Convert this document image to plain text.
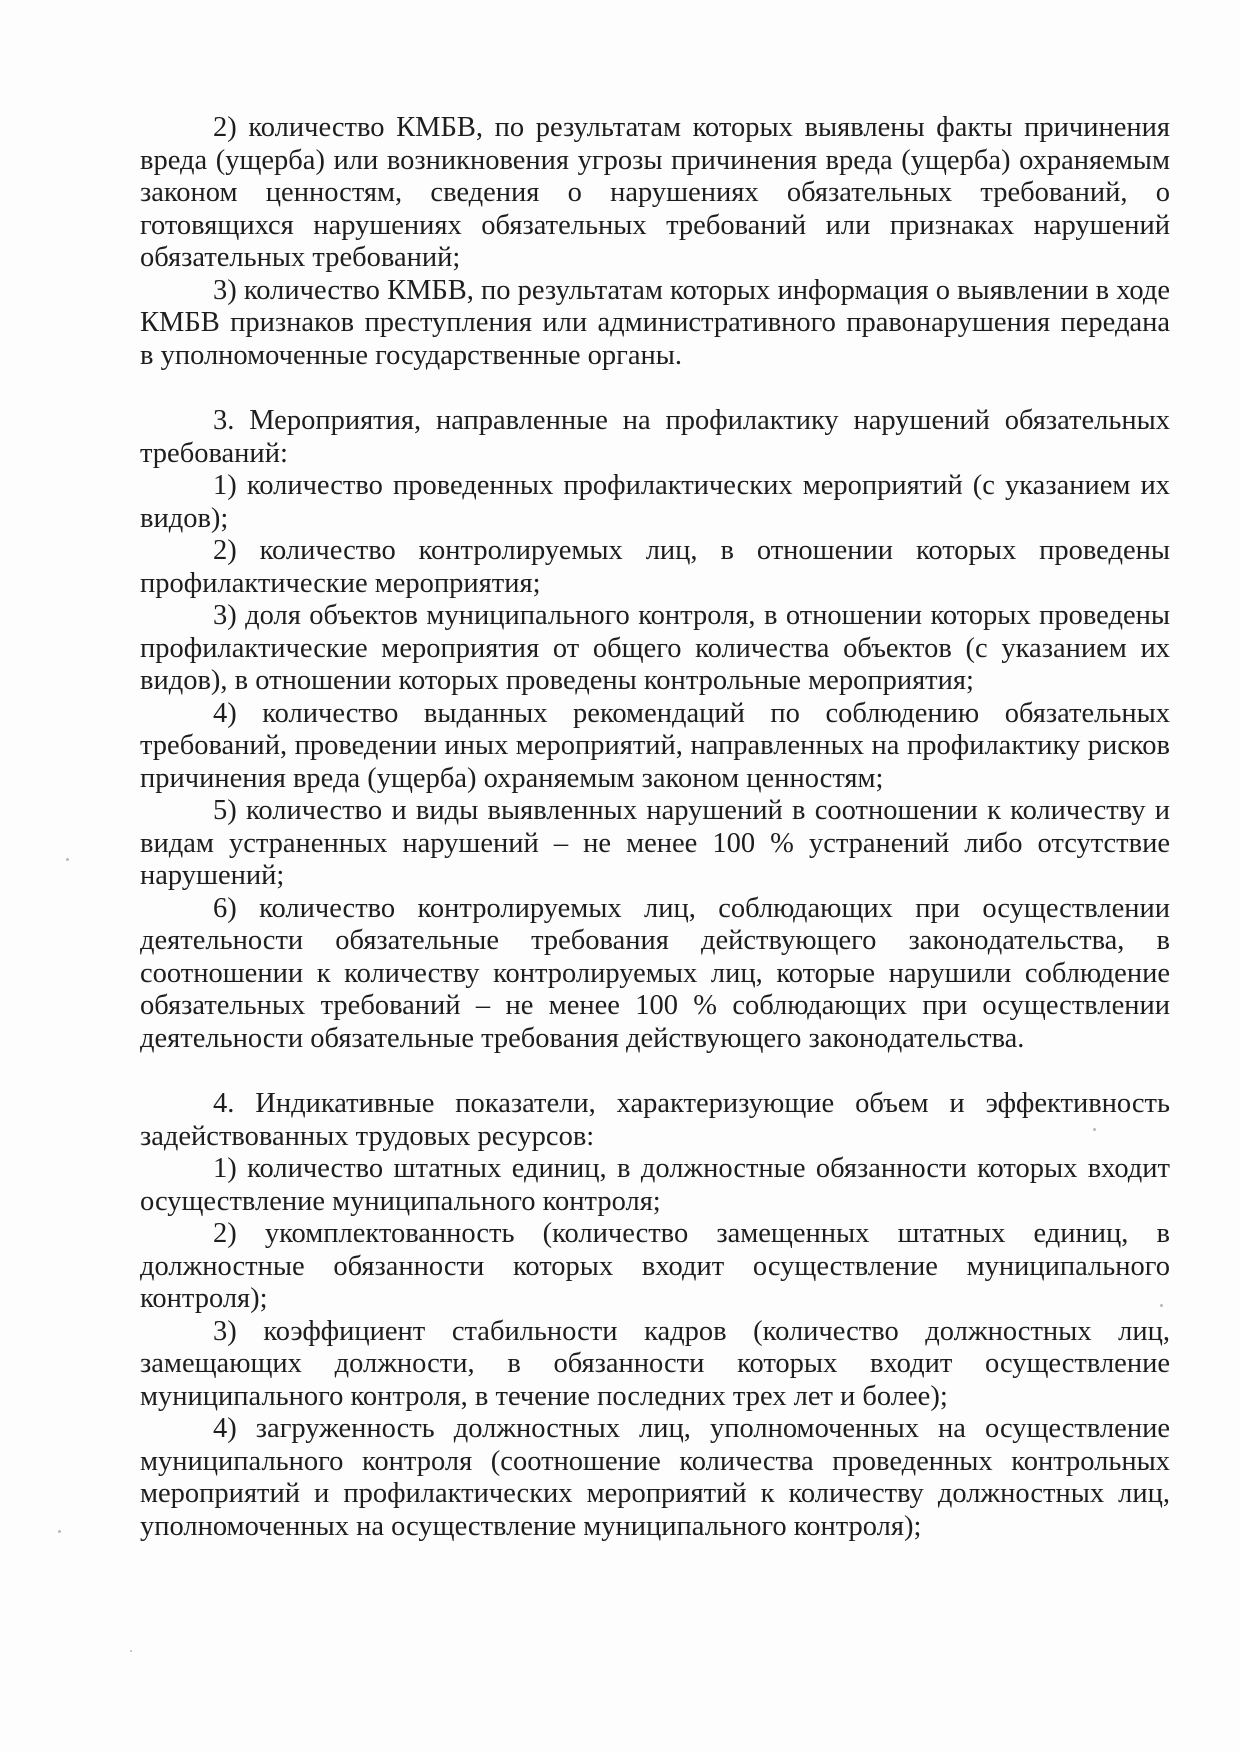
2) количество КМБВ, по результатам которых выявлены факты причинения вреда (ущерба) или возникновения угрозы причинения вреда (ущерба) охраняемым законом ценностям, сведения о нарушениях обязательных требований, о готовящихся нарушениях обязательных требований или признаках нарушений обязательных требований;

3) количество КМБВ, по результатам которых информация о выявлении в ходе КМБВ признаков преступления или административного правонарушения передана в уполномоченные государственные органы.

3. Мероприятия, направленные на профилактику нарушений обязательных требований:

1) количество проведенных профилактических мероприятий (с указанием их видов);

2) количество контролируемых лиц, в отношении которых проведены профилактические мероприятия;

3) доля объектов муниципального контроля, в отношении которых проведены профилактические мероприятия от общего количества объектов (с указанием их видов), в отношении которых проведены контрольные мероприятия;

4) количество выданных рекомендаций по соблюдению обязательных требований, проведении иных мероприятий, направленных на профилактику рисков причинения вреда (ущерба) охраняемым законом ценностям;

5) количество и виды выявленных нарушений в соотношении к количеству и видам устраненных нарушений – не менее 100 % устранений либо отсутствие нарушений;

6) количество контролируемых лиц, соблюдающих при осуществлении деятельности обязательные требования действующего законодательства, в соотношении к количеству контролируемых лиц, которые нарушили соблюдение обязательных требований – не менее 100 % соблюдающих при осуществлении деятельности обязательные требования действующего законодательства.

4. Индикативные показатели, характеризующие объем и эффективность задействованных трудовых ресурсов:

1) количество штатных единиц, в должностные обязанности которых входит осуществление муниципального контроля;

2) укомплектованность (количество замещенных штатных единиц, в должностные обязанности которых входит осуществление муниципального контроля);

3) коэффициент стабильности кадров (количество должностных лиц, замещающих должности, в обязанности которых входит осуществление муниципального контроля, в течение последних трех лет и более);

4) загруженность должностных лиц, уполномоченных на осуществление муниципального контроля (соотношение количества проведенных контрольных мероприятий и профилактических мероприятий к количеству должностных лиц, уполномоченных на осуществление муниципального контроля);
